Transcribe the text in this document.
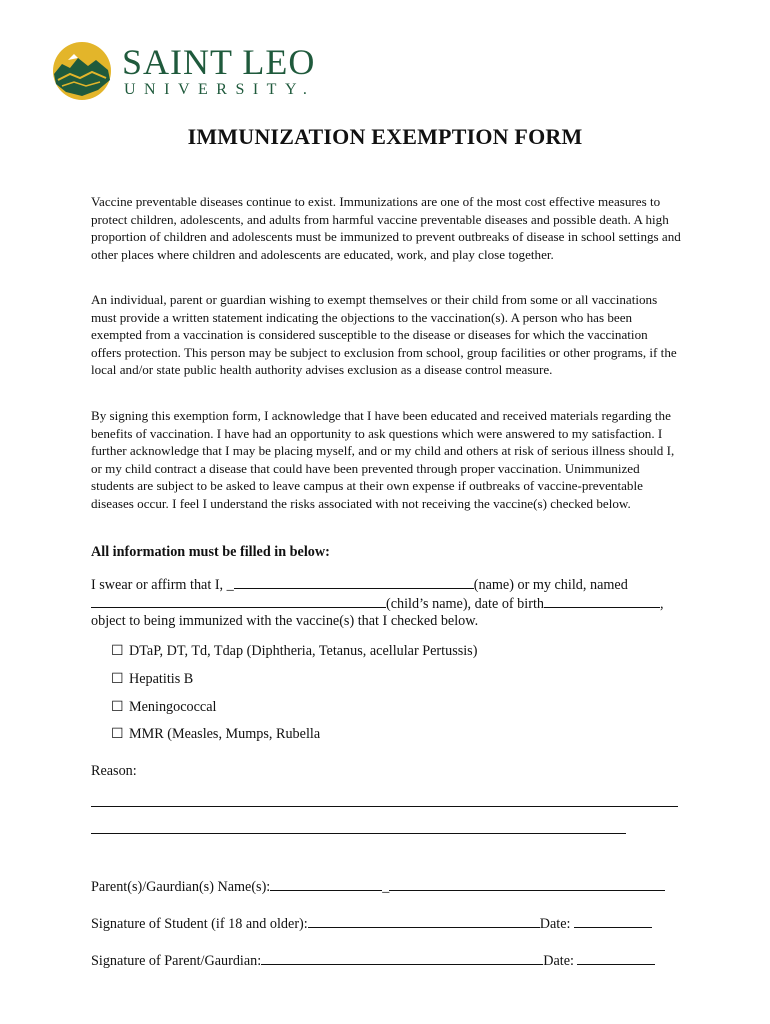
SAINT LEO
UNIVERSITY.
IMMUNIZATION EXEMPTION FORM

Vaccine preventable diseases continue to exist. Immunizations are one of the most cost effective measures to protect children, adolescents, and adults from harmful vaccine preventable diseases and possible death. A high proportion of children and adolescents must be immunized to prevent outbreaks of disease in school settings and other places where children and adolescents are educated, work, and play close together.

An individual, parent or guardian wishing to exempt themselves or their child from some or all vaccinations must provide a written statement indicating the objections to the vaccination(s). A person who has been exempted from a vaccination is considered susceptible to the disease or diseases for which the vaccination offers protection. This person may be subject to exclusion from school, group facilities or other programs, if the local and/or state public health authority advises exclusion as a disease control measure.

By signing this exemption form, I acknowledge that I have been educated and received materials regarding the benefits of vaccination. I have had an opportunity to ask questions which were answered to my satisfaction. I further acknowledge that I may be placing myself, and or my child and others at risk of serious illness should I, or my child contract a disease that could have been prevented through proper vaccination. Unimmunized students are subject to be asked to leave campus at their own expense if outbreaks of vaccine-preventable diseases occur. I feel I understand the risks associated with not receiving the vaccine(s) checked below.

All information must be filled in below:

I swear or affirm that I, _	(name) or my child, named
(child’s name), date of birth	,
object to being immunized with the vaccine(s) that I checked below.
☐ DTaP, DT, Td, Tdap (Diphtheria, Tetanus, acellular Pertussis)
☐ Hepatitis B
☐ Meningococcal
☐ MMR (Measles, Mumps, Rubella
Reason:
Parent(s)/Gaurdian(s) Name(s):	_
Signature of Student (if 18 and older):	Date:
Signature of Parent/Gaurdian:	Date:
